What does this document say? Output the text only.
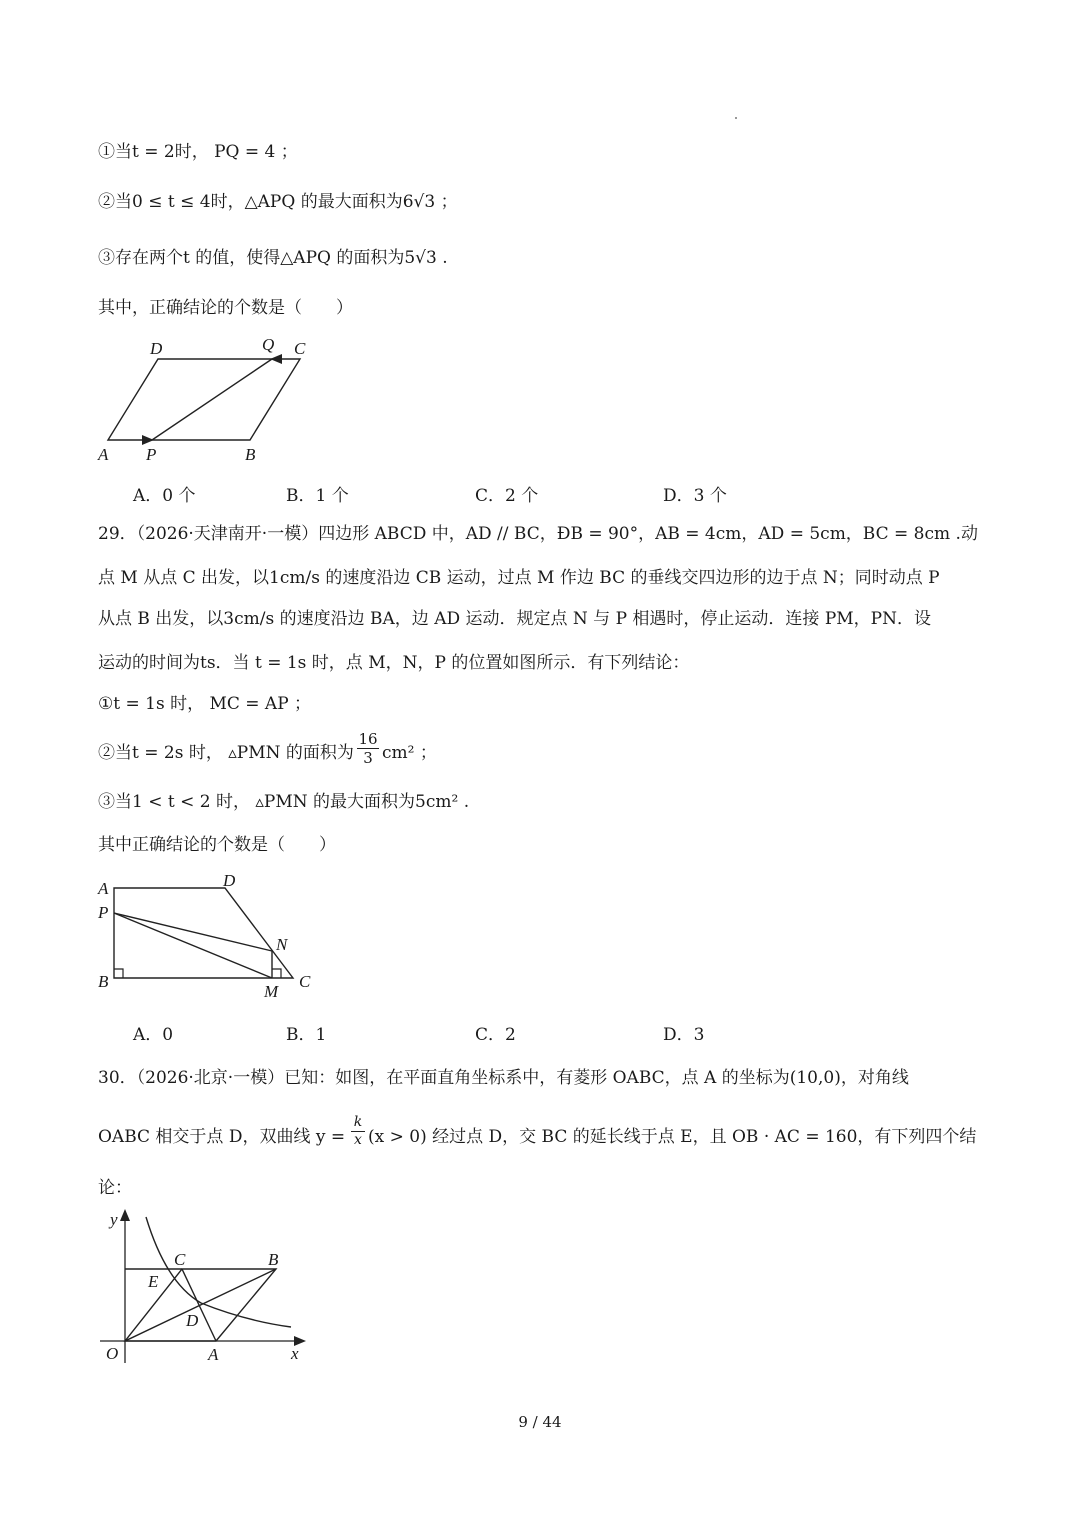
①当t = 2时， PQ = 4 ；
②当0 ≤ t ≤ 4时，△APQ 的最大面积为6√3 ；
③存在两个t 的值，使得△APQ 的面积为5√3 .
其中，正确结论的个数是（　　）
D	Q C
A P	B
A．0 个	B．1 个	C．2 个	D．3 个
29．（2026·天津南开·一模）四边形 ABCD 中，AD // BC，ÐB = 90°，AB = 4cm，AD = 5cm，BC = 8cm .动
点 M 从点 C 出发，以1cm/s 的速度沿边 CB 运动，过点 M 作边 BC 的垂线交四边形的边于点 N；同时动点 P
从点 B 出发，以3cm/s 的速度沿边 BA，边 AD 运动．规定点 N 与 P 相遇时，停止运动．连接 PM，PN．设
运动的时间为ts．当 t = 1s 时，点 M，N，P 的位置如图所示．有下列结论：
①t = 1s 时， MC = AP ；
②当t = 2s 时， ▵PMN 的面积为 $\frac{16}{3} cm^2$ ；
③当1 < t < 2 时， ▵PMN 的最大面积为5cm² .
其中正确结论的个数是（　　）
A	D
P
N
B
M
C
A．0	B．1	C．2	D．3
30．（2026·北京·一模）已知：如图，在平面直角坐标系中，有菱形 OABC，点 A 的坐标为(10,0)，对角线
OABC 相交于点 D，双曲线 $y = \frac{k}{x} (x > 0)$ 经过点 D，交 BC 的延长线于点 E，且 OB · AC = 160，有下列四个结
论：
y
x
O
C	B
E
D
A
9 / 44
